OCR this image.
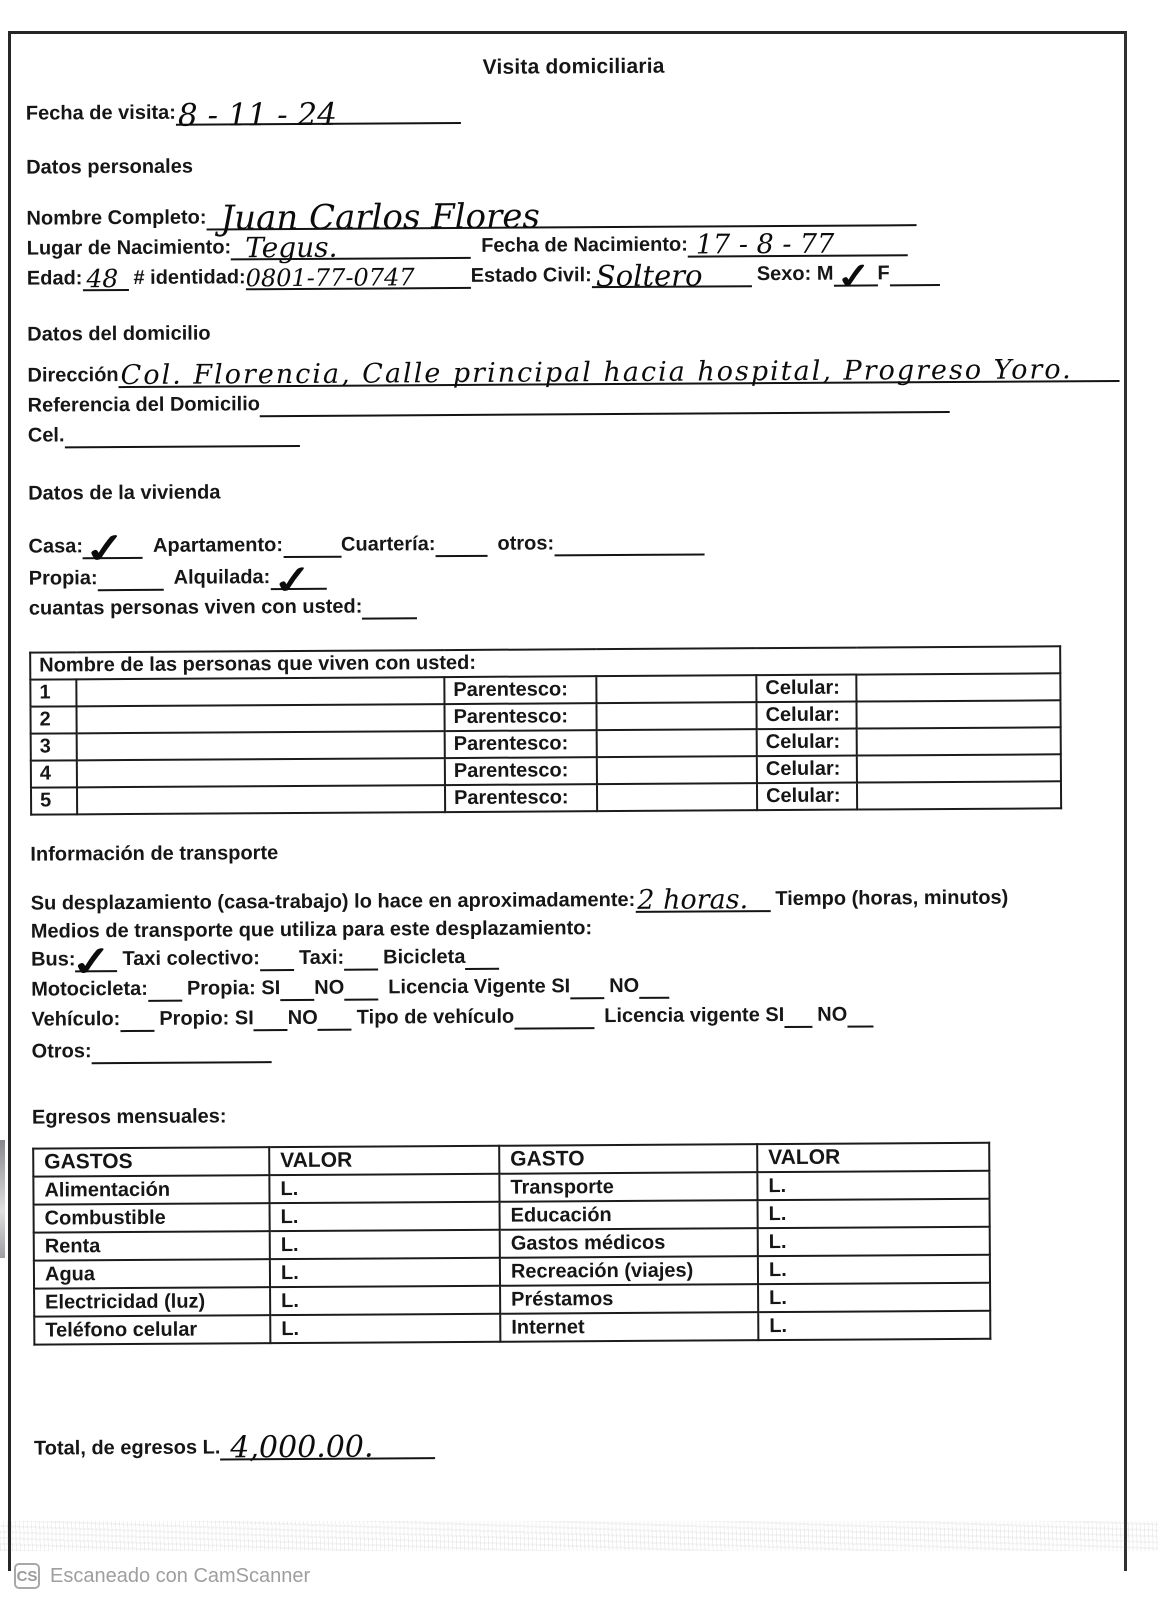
Visita domiciliaria
Fecha de visita: 8 - 11 - 24
Datos personales
Nombre Completo: Juan Carlos Flores
Lugar de Nacimiento: Tegus.	Fecha de Nacimiento: 17 - 8 - 77
Edad: 48 # identidad: 0801-77-0747	Estado Civil: Soltero	Sexo: M ✓ F
Datos del domicilio
Dirección Col. Florencia, Calle principal hacia hospital, Progreso Yoro.
Referencia del Domicilio
Cel.
Datos de la vivienda
Casa: ✓ Apartamento:	Cuartería:	otros:
Propia:	Alquilada: ✓
cuantas personas viven con usted:
Nombre de las personas que viven con usted:					
1		Parentesco:		Celular:	
2		Parentesco:		Celular:	
3		Parentesco:		Celular:	
4		Parentesco:		Celular:	
5		Parentesco:		Celular:	
Información de transporte
Su desplazamiento (casa-trabajo) lo hace en aproximadamente: 2 horas. Tiempo (horas, minutos)
Medios de transporte que utiliza para este desplazamiento:
Bus:
✓ Taxi colectivo: Taxi: Bicicleta
Motocicleta: Propia: SI NO Licencia Vigente SI NO
Vehículo: Propio: SI NO Tipo de vehículo	Licencia vigente SI NO
Otros:
Egresos mensuales:
GASTOS	VALOR	GASTO	VALOR
Alimentación	L.	Transporte	L.
Combustible	L.	Educación	L.
Renta	L.	Gastos médicos	L.
Agua	L.	Recreación (viajes)	L.
Electricidad (luz)	L.	Préstamos	L.
Teléfono celular	L.	Internet	L.
Total, de egresos L. 4,000.00.
CS Escaneado con CamScanner
